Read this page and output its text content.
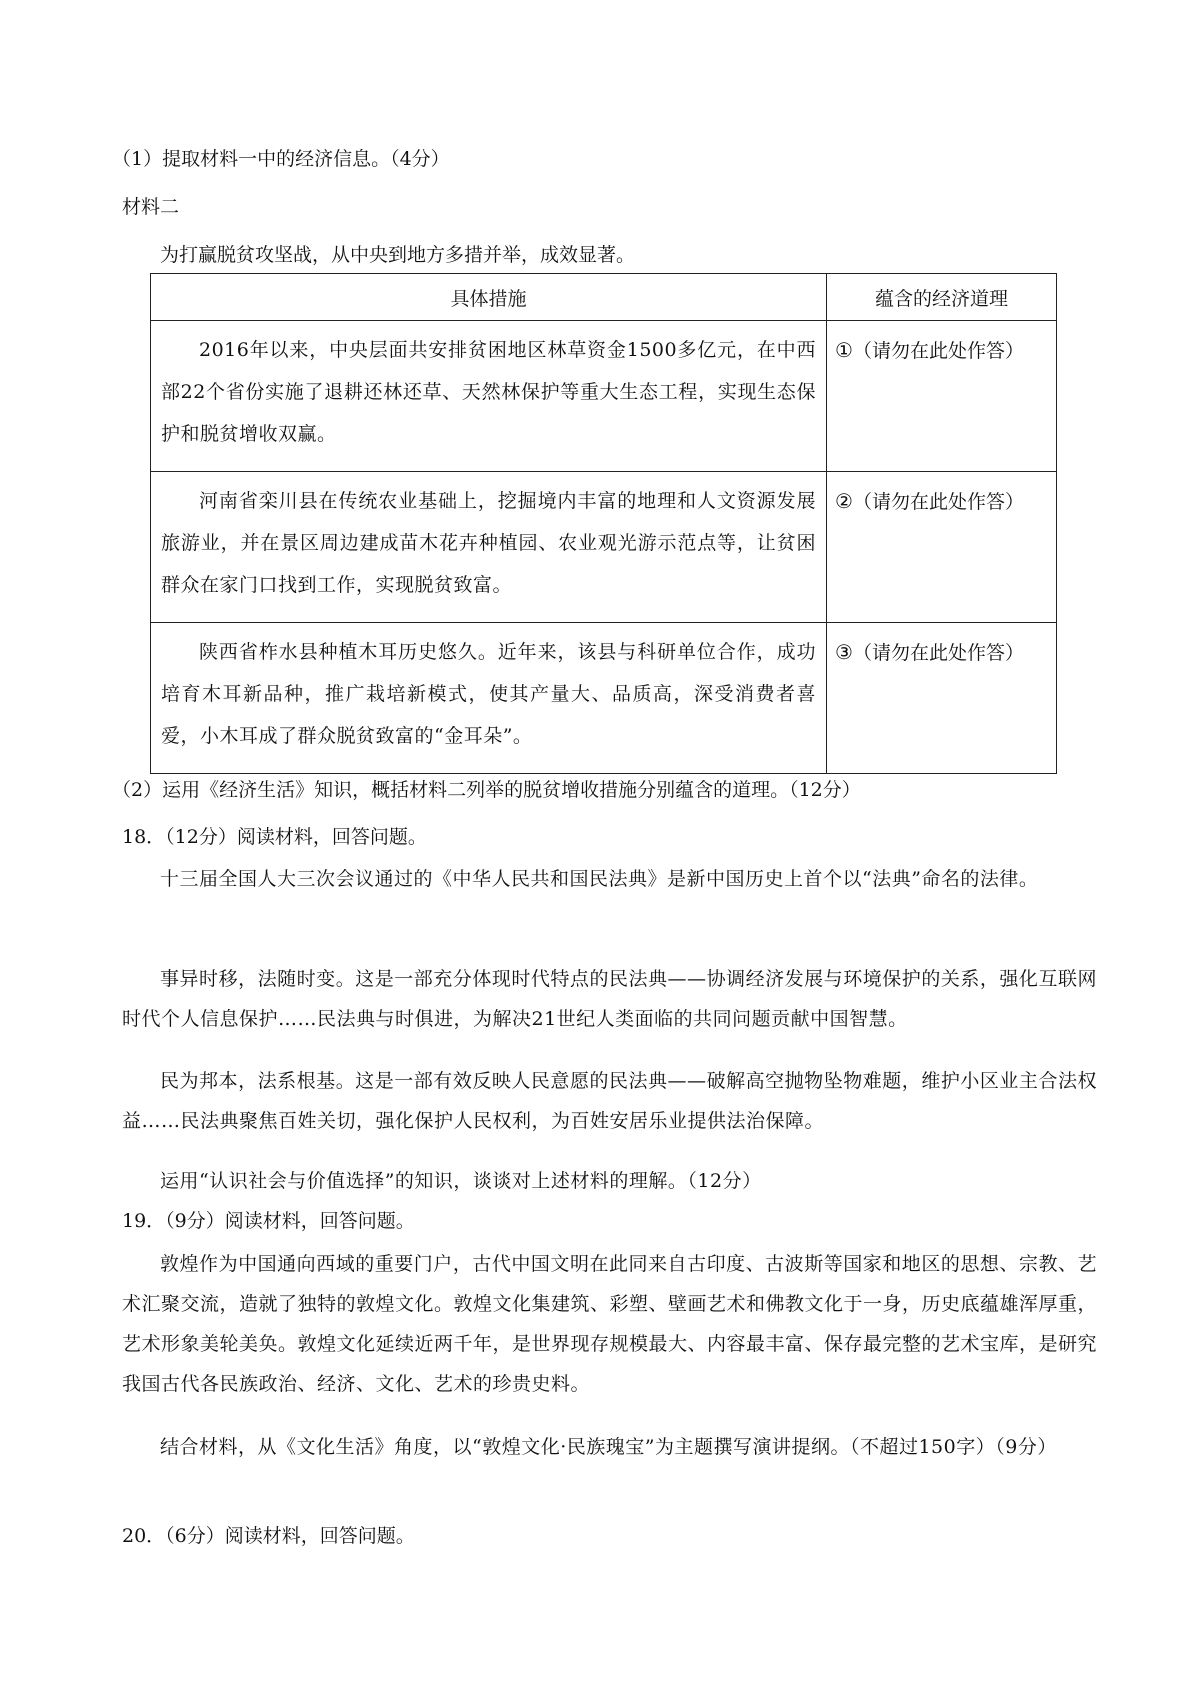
（1）提取材料一中的经济信息。（4分）
材料二
为打赢脱贫攻坚战，从中央到地方多措并举，成效显著。
具体措施	蕴含的经济道理
2016年以来，中央层面共安排贫困地区林草资金1500多亿元，在中西部22个省份实施了退耕还林还草、天然林保护等重大生态工程，实现生态保护和脱贫增收双赢。	①（请勿在此处作答）
河南省栾川县在传统农业基础上，挖掘境内丰富的地理和人文资源发展旅游业，并在景区周边建成苗木花卉种植园、农业观光游示范点等，让贫困群众在家门口找到工作，实现脱贫致富。	②（请勿在此处作答）
陕西省柞水县种植木耳历史悠久。近年来，该县与科研单位合作，成功培育木耳新品种，推广栽培新模式，使其产量大、品质高，深受消费者喜爱，小木耳成了群众脱贫致富的“金耳朵”。	③（请勿在此处作答）
（2）运用《经济生活》知识，概括材料二列举的脱贫增收措施分别蕴含的道理。（12分）
18．（12分）阅读材料，回答问题。
十三届全国人大三次会议通过的《中华人民共和国民法典》是新中国历史上首个以“法典”命名的法律。
事异时移，法随时变。这是一部充分体现时代特点的民法典——协调经济发展与环境保护的关系，强化互联网时代个人信息保护……民法典与时俱进，为解决21世纪人类面临的共同问题贡献中国智慧。
民为邦本，法系根基。这是一部有效反映人民意愿的民法典——破解高空抛物坠物难题，维护小区业主合法权益……民法典聚焦百姓关切，强化保护人民权利，为百姓安居乐业提供法治保障。
运用“认识社会与价值选择”的知识，谈谈对上述材料的理解。（12分）
19．（9分）阅读材料，回答问题。
敦煌作为中国通向西域的重要门户，古代中国文明在此同来自古印度、古波斯等国家和地区的思想、宗教、艺术汇聚交流，造就了独特的敦煌文化。敦煌文化集建筑、彩塑、壁画艺术和佛教文化于一身，历史底蕴雄浑厚重，艺术形象美轮美奂。敦煌文化延续近两千年，是世界现存规模最大、内容最丰富、保存最完整的艺术宝库，是研究我国古代各民族政治、经济、文化、艺术的珍贵史料。
结合材料，从《文化生活》角度，以“敦煌文化·民族瑰宝”为主题撰写演讲提纲。（不超过150字）（9分）
20．（6分）阅读材料，回答问题。
